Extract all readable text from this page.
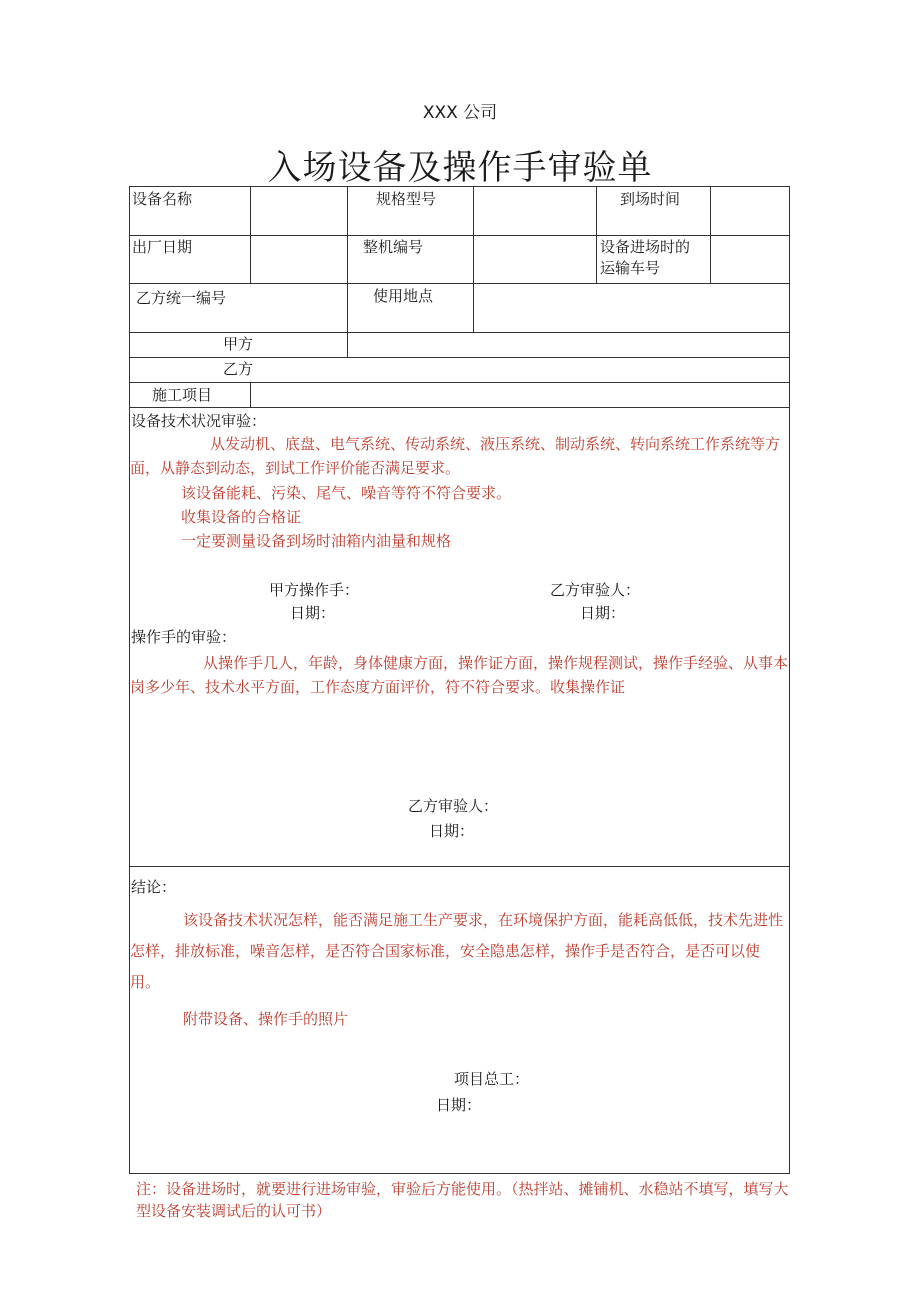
XXX 公司
入场设备及操作手审验单
设备名称	规格型号	到场时间
出厂日期	整机编号	设备进场时的
运输车号
乙方统一编号	使用地点
甲方
乙方
施工项目
设备技术状况审验：
从发动机、底盘、电气系统、传动系统、液压系统、制动系统、转向系统工作系统等方面，从静态到动态，到试工作评价能否满足要求。
该设备能耗、污染、尾气、噪音等符不符合要求。
收集设备的合格证
一定要测量设备到场时油箱内油量和规格
甲方操作手：	乙方审验人：
日期：	日期：
操作手的审验：
从操作手几人，年龄，身体健康方面，操作证方面，操作规程测试，操作手经验、从事本岗多少年、技术水平方面，工作态度方面评价，符不符合要求。收集操作证
乙方审验人：
日期：
结论：
该设备技术状况怎样，能否满足施工生产要求，在环境保护方面，能耗高低低，技术先进性怎样，排放标准，噪音怎样，是否符合国家标准，安全隐患怎样，操作手是否符合，是否可以使用。
附带设备、操作手的照片
项目总工：
日期：
注：设备进场时，就要进行进场审验，审验后方能使用。（热拌站、摊铺机、水稳站不填写，填写大型设备安装调试后的认可书）
